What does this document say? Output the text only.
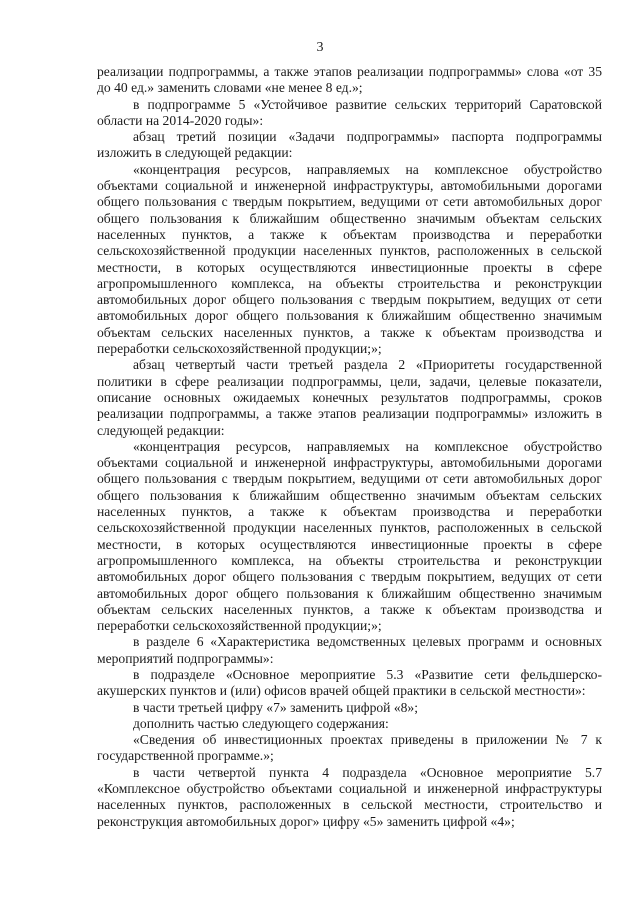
3

реализации подпрограммы, а также этапов реализации подпрограммы» слова «от 35 до 40 ед.» заменить словами «не менее 8 ед.»;

в подпрограмме 5 «Устойчивое развитие сельских территорий Саратовской области на 2014-2020 годы»:

абзац третий позиции «Задачи подпрограммы» паспорта подпрограммы изложить в следующей редакции:

«концентрация ресурсов, направляемых на комплексное обустройство объектами социальной и инженерной инфраструктуры, автомобильными дорогами общего пользования с твердым покрытием, ведущими от сети автомобильных дорог общего пользования к ближайшим общественно значимым объектам сельских населенных пунктов, а также к объектам производства и переработки сельскохозяйственной продукции населенных пунктов, расположенных в сельской местности, в которых осуществляются инвестиционные проекты в сфере агропромышленного комплекса, на объекты строительства и реконструкции автомобильных дорог общего пользования с твердым покрытием, ведущих от сети автомобильных дорог общего пользования к ближайшим общественно значимым объектам сельских населенных пунктов, а также к объектам производства и переработки сельскохозяйственной продукции;»;

абзац четвертый части третьей раздела 2 «Приоритеты государственной политики в сфере реализации подпрограммы, цели, задачи, целевые показатели, описание основных ожидаемых конечных результатов подпрограммы, сроков реализации подпрограммы, а также этапов реализации подпрограммы» изложить в следующей редакции:

«концентрация ресурсов, направляемых на комплексное обустройство объектами социальной и инженерной инфраструктуры, автомобильными дорогами общего пользования с твердым покрытием, ведущими от сети автомобильных дорог общего пользования к ближайшим общественно значимым объектам сельских населенных пунктов, а также к объектам производства и переработки сельскохозяйственной продукции населенных пунктов, расположенных в сельской местности, в которых осуществляются инвестиционные проекты в сфере агропромышленного комплекса, на объекты строительства и реконструкции автомобильных дорог общего пользования с твердым покрытием, ведущих от сети автомобильных дорог общего пользования к ближайшим общественно значимым объектам сельских населенных пунктов, а также к объектам производства и переработки сельскохозяйственной продукции;»;

в разделе 6 «Характеристика ведомственных целевых программ и основных мероприятий подпрограммы»:

в подразделе «Основное мероприятие 5.3 «Развитие сети фельдшерско-акушерских пунктов и (или) офисов врачей общей практики в сельской местности»:

в части третьей цифру «7» заменить цифрой «8»;

дополнить частью следующего содержания:

«Сведения об инвестиционных проектах приведены в приложении № 7 к государственной программе.»;

в части четвертой пункта 4 подраздела «Основное мероприятие 5.7 «Комплексное обустройство объектами социальной и инженерной инфраструктуры населенных пунктов, расположенных в сельской местности, строительство и реконструкция автомобильных дорог» цифру «5» заменить цифрой «4»;
